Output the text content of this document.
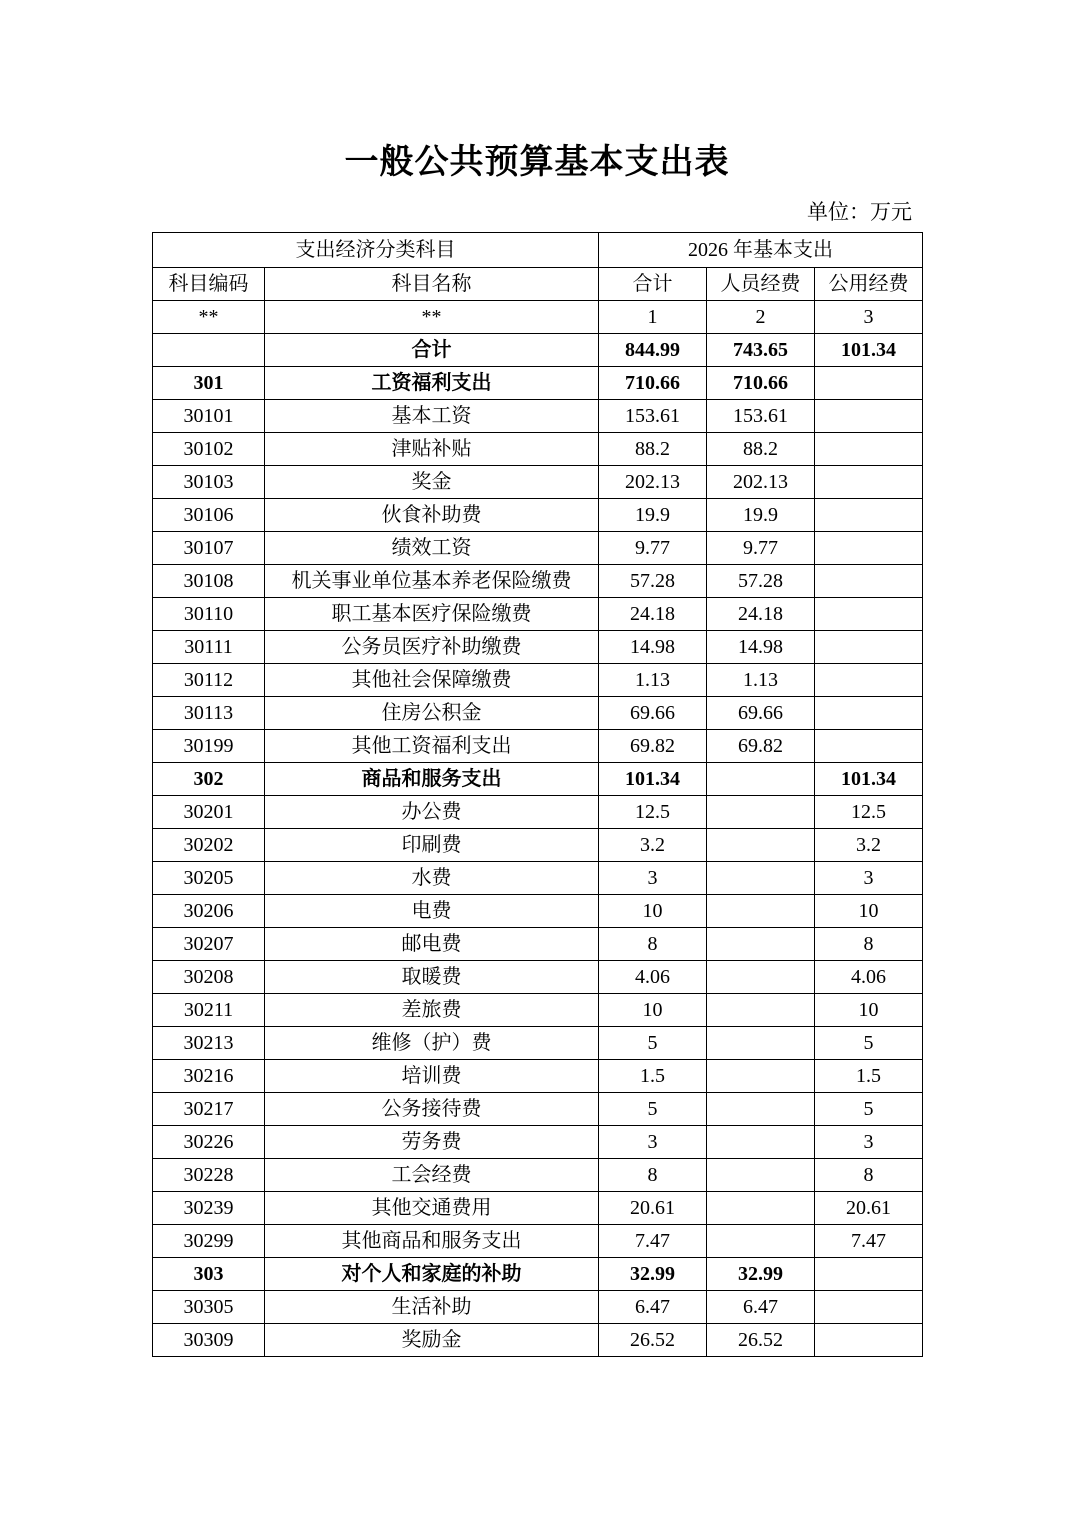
一般公共预算基本支出表
单位：万元
支出经济分类科目		2026 年基本支出		
科目编码	科目名称	合计	人员经费	公用经费
**	**	1	2	3
	合计	844.99	743.65	101.34
301	工资福利支出	710.66	710.66	
30101	基本工资	153.61	153.61	
30102	津贴补贴	88.2	88.2	
30103	奖金	202.13	202.13	
30106	伙食补助费	19.9	19.9	
30107	绩效工资	9.77	9.77	
30108	机关事业单位基本养老保险缴费	57.28	57.28	
30110	职工基本医疗保险缴费	24.18	24.18	
30111	公务员医疗补助缴费	14.98	14.98	
30112	其他社会保障缴费	1.13	1.13	
30113	住房公积金	69.66	69.66	
30199	其他工资福利支出	69.82	69.82	
302	商品和服务支出	101.34		101.34
30201	办公费	12.5		12.5
30202	印刷费	3.2		3.2
30205	水费	3		3
30206	电费	10		10
30207	邮电费	8		8
30208	取暖费	4.06		4.06
30211	差旅费	10		10
30213	维修（护）费	5		5
30216	培训费	1.5		1.5
30217	公务接待费	5		5
30226	劳务费	3		3
30228	工会经费	8		8
30239	其他交通费用	20.61		20.61
30299	其他商品和服务支出	7.47		7.47
303	对个人和家庭的补助	32.99	32.99	
30305	生活补助	6.47	6.47	
30309	奖励金	26.52	26.52	
